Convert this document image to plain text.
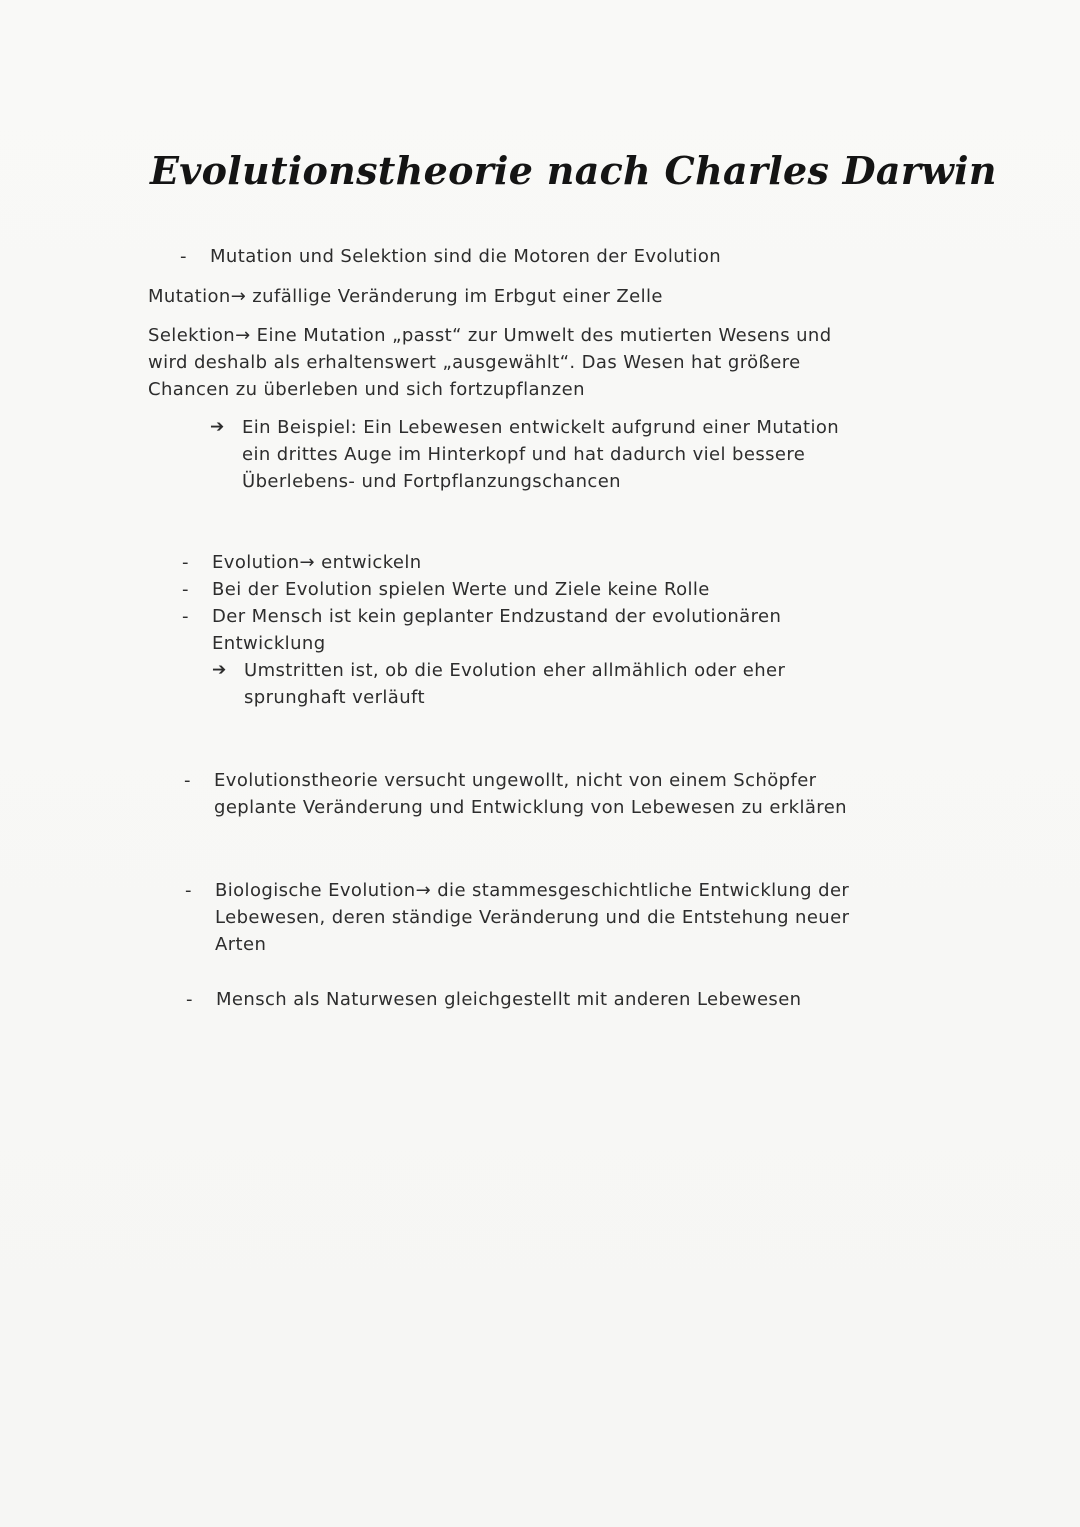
Evolutionstheorie nach Charles Darwin
- Mutation und Selektion sind die Motoren der Evolution
Mutation→ zufällige Veränderung im Erbgut einer Zelle
Selektion→ Eine Mutation „passt“ zur Umwelt des mutierten Wesens und
wird deshalb als erhaltenswert „ausgewählt“. Das Wesen hat größere
Chancen zu überleben und sich fortzupflanzen
➔ Ein Beispiel: Ein Lebewesen entwickelt aufgrund einer Mutation
ein drittes Auge im Hinterkopf und hat dadurch viel bessere
Überlebens- und Fortpflanzungschancen
- Evolution→ entwickeln
- Bei der Evolution spielen Werte und Ziele keine Rolle
- Der Mensch ist kein geplanter Endzustand der evolutionären
Entwicklung
➔ Umstritten ist, ob die Evolution eher allmählich oder eher
sprunghaft verläuft
- Evolutionstheorie versucht ungewollt, nicht von einem Schöpfer
geplante Veränderung und Entwicklung von Lebewesen zu erklären
- Biologische Evolution→ die stammesgeschichtliche Entwicklung der
Lebewesen, deren ständige Veränderung und die Entstehung neuer
Arten
- Mensch als Naturwesen gleichgestellt mit anderen Lebewesen
